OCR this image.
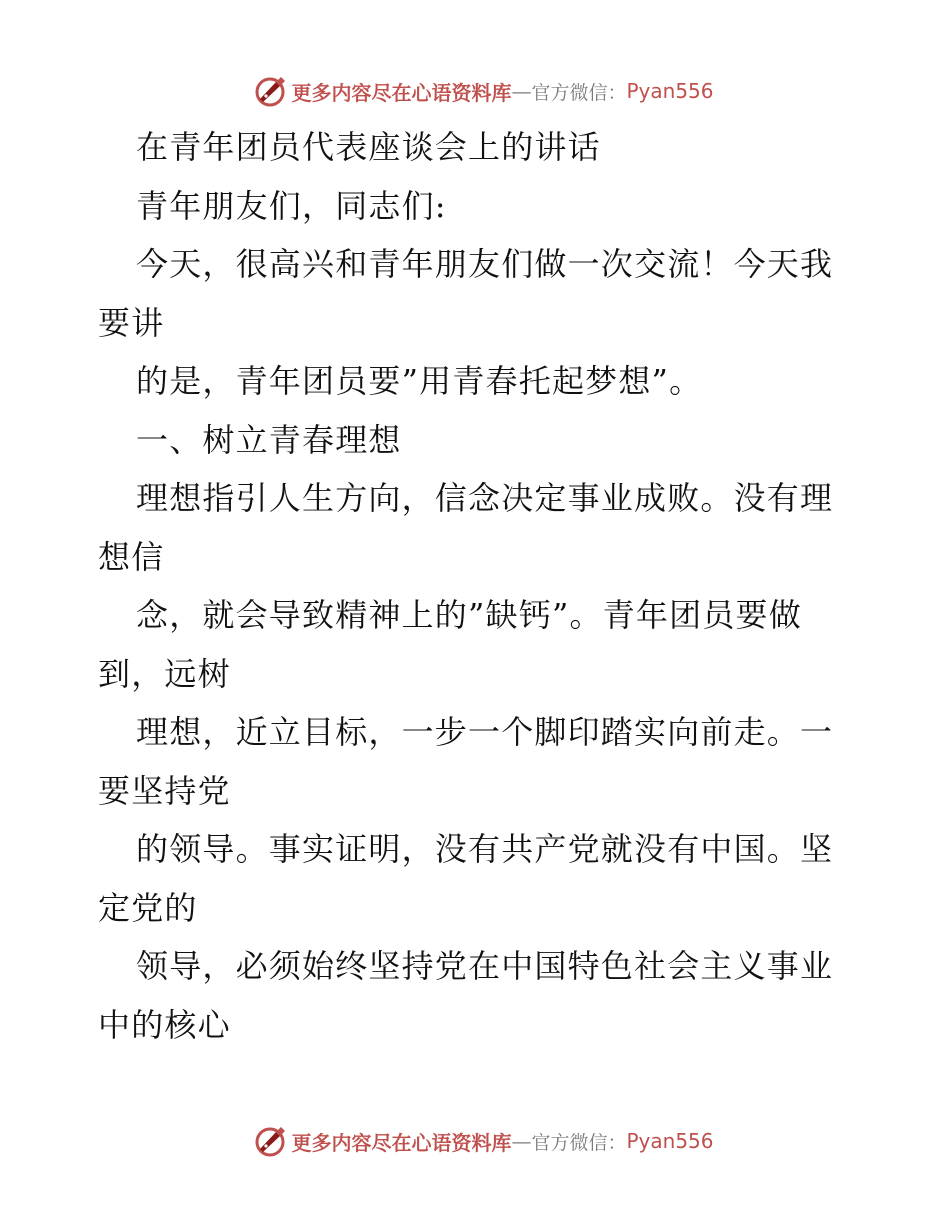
更多内容尽在心语资料库 — 官方微信： Pyan556
在青年团员代表座谈会上的讲话
青年朋友们，同志们:
今天，很高兴和青年朋友们做一次交流！今天我
要讲
的是，青年团员要”用青春托起梦想”。
一、树立青春理想
理想指引人生方向，信念决定事业成败。没有理
想信
念，就会导致精神上的”缺钙”。青年团员要做
到，远树
理想，近立目标，一步一个脚印踏实向前走。一
要坚持党
的领导。事实证明，没有共产党就没有中国。坚
定党的
领导，必须始终坚持党在中国特色社会主义事业
中的核心
更多内容尽在心语资料库 — 官方微信： Pyan556
